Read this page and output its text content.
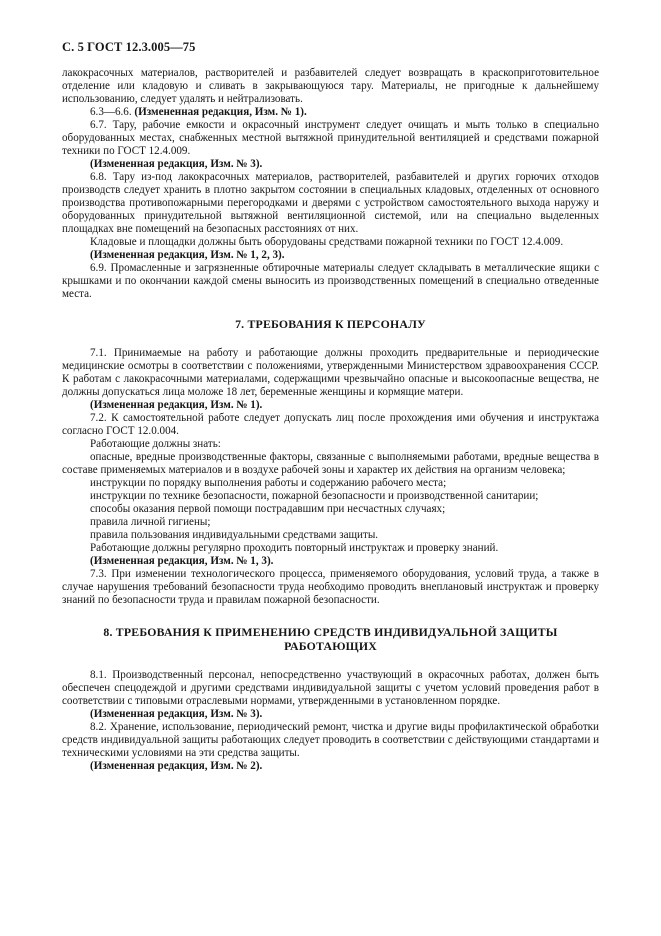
С. 5 ГОСТ 12.3.005—75

лакокрасочных материалов, растворителей и разбавителей следует возвращать в краскоприготовительное отделение или кладовую и сливать в закрывающуюся тару. Материалы, не пригодные к дальнейшему использованию, следует удалять и нейтрализовать.

6.3—6.6. (Измененная редакция, Изм. № 1).

6.7. Тару, рабочие емкости и окрасочный инструмент следует очищать и мыть только в специально оборудованных местах, снабженных местной вытяжной принудительной вентиляцией и средствами пожарной техники по ГОСТ 12.4.009.

(Измененная редакция, Изм. № 3).

6.8. Тару из-под лакокрасочных материалов, растворителей, разбавителей и других горючих отходов производств следует хранить в плотно закрытом состоянии в специальных кладовых, отделенных от основного производства противопожарными перегородками и дверями с устройством самостоятельного выхода наружу и оборудованных принудительной вытяжной вентиляционной системой, или на специально выделенных площадках вне помещений на безопасных расстояниях от них.

Кладовые и площадки должны быть оборудованы средствами пожарной техники по ГОСТ 12.4.009.

(Измененная редакция, Изм. № 1, 2, 3).

6.9. Промасленные и загрязненные обтирочные материалы следует складывать в металлические ящики с крышками и по окончании каждой смены выносить из производственных помещений в специально отведенные места.

7. ТРЕБОВАНИЯ К ПЕРСОНАЛУ

7.1. Принимаемые на работу и работающие должны проходить предварительные и периодические медицинские осмотры в соответствии с положениями, утвержденными Министерством здравоохранения СССР. К работам с лакокрасочными материалами, содержащими чрезвычайно опасные и высокоопасные вещества, не должны допускаться лица моложе 18 лет, беременные женщины и кормящие матери.

(Измененная редакция, Изм. № 1).

7.2. К самостоятельной работе следует допускать лиц после прохождения ими обучения и инструктажа согласно ГОСТ 12.0.004.

Работающие должны знать:

опасные, вредные производственные факторы, связанные с выполняемыми работами, вредные вещества в составе применяемых материалов и в воздухе рабочей зоны и характер их действия на организм человека;

инструкции по порядку выполнения работы и содержанию рабочего места;

инструкции по технике безопасности, пожарной безопасности и производственной санитарии;

способы оказания первой помощи пострадавшим при несчастных случаях;

правила личной гигиены;

правила пользования индивидуальными средствами защиты.

Работающие должны регулярно проходить повторный инструктаж и проверку знаний.

(Измененная редакция, Изм. № 1, 3).

7.3. При изменении технологического процесса, применяемого оборудования, условий труда, а также в случае нарушения требований безопасности труда необходимо проводить внеплановый инструктаж и проверку знаний по безопасности труда и правилам пожарной безопасности.

8. ТРЕБОВАНИЯ К ПРИМЕНЕНИЮ СРЕДСТВ ИНДИВИДУАЛЬНОЙ ЗАЩИТЫ
РАБОТАЮЩИХ

8.1. Производственный персонал, непосредственно участвующий в окрасочных работах, должен быть обеспечен спецодеждой и другими средствами индивидуальной защиты с учетом условий проведения работ в соответствии с типовыми отраслевыми нормами, утвержденными в установленном порядке.

(Измененная редакция, Изм. № 3).

8.2. Хранение, использование, периодический ремонт, чистка и другие виды профилактической обработки средств индивидуальной защиты работающих следует проводить в соответствии с действующими стандартами и техническими условиями на эти средства защиты.

(Измененная редакция, Изм. № 2).
